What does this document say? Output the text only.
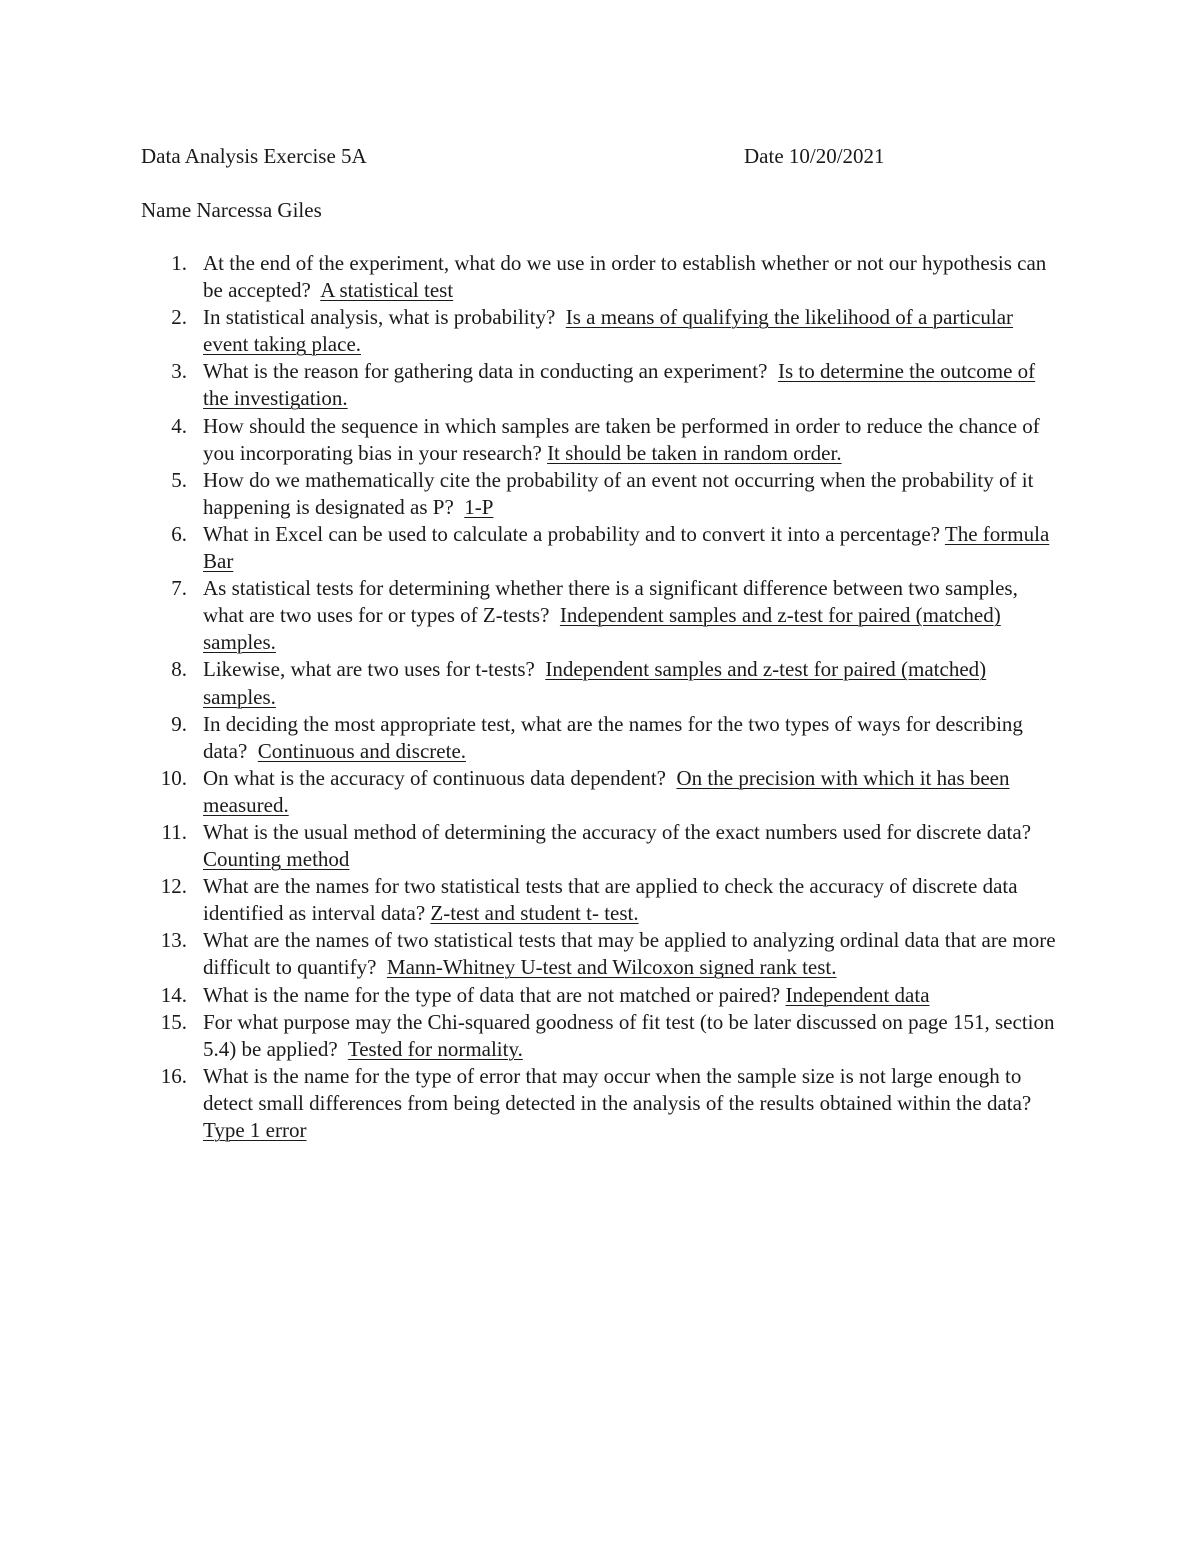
Data Analysis Exercise 5A	Date 10/20/2021
Name Narcessa Giles
1. At the end of the experiment, what do we use in order to establish whether or not our hypothesis can be accepted? A statistical test
2. In statistical analysis, what is probability? Is a means of qualifying the likelihood of a particular event taking place.
3. What is the reason for gathering data in conducting an experiment? Is to determine the outcome of the investigation.
4. How should the sequence in which samples are taken be performed in order to reduce the chance of you incorporating bias in your research? It should be taken in random order.
5. How do we mathematically cite the probability of an event not occurring when the probability of it happening is designated as P? 1-P
6. What in Excel can be used to calculate a probability and to convert it into a percentage? The formula Bar
7. As statistical tests for determining whether there is a significant difference between two samples, what are two uses for or types of Z-tests? Independent samples and z-test for paired (matched) samples.
8. Likewise, what are two uses for t-tests? Independent samples and z-test for paired (matched) samples.
9. In deciding the most appropriate test, what are the names for the two types of ways for describing data? Continuous and discrete.
10. On what is the accuracy of continuous data dependent? On the precision with which it has been measured.
11. What is the usual method of determining the accuracy of the exact numbers used for discrete data?  Counting method
12. What are the names for two statistical tests that are applied to check the accuracy of discrete data identified as interval data? Z-test and student t- test.
13. What are the names of two statistical tests that may be applied to analyzing ordinal data that are more difficult to quantify? Mann-Whitney U-test and Wilcoxon signed rank test.
14. What is the name for the type of data that are not matched or paired? Independent data
15. For what purpose may the Chi-squared goodness of fit test (to be later discussed on page 151, section 5.4) be applied? Tested for normality.
16. What is the name for the type of error that may occur when the sample size is not large enough to detect small differences from being detected in the analysis of the results obtained within the data?  Type 1 error
